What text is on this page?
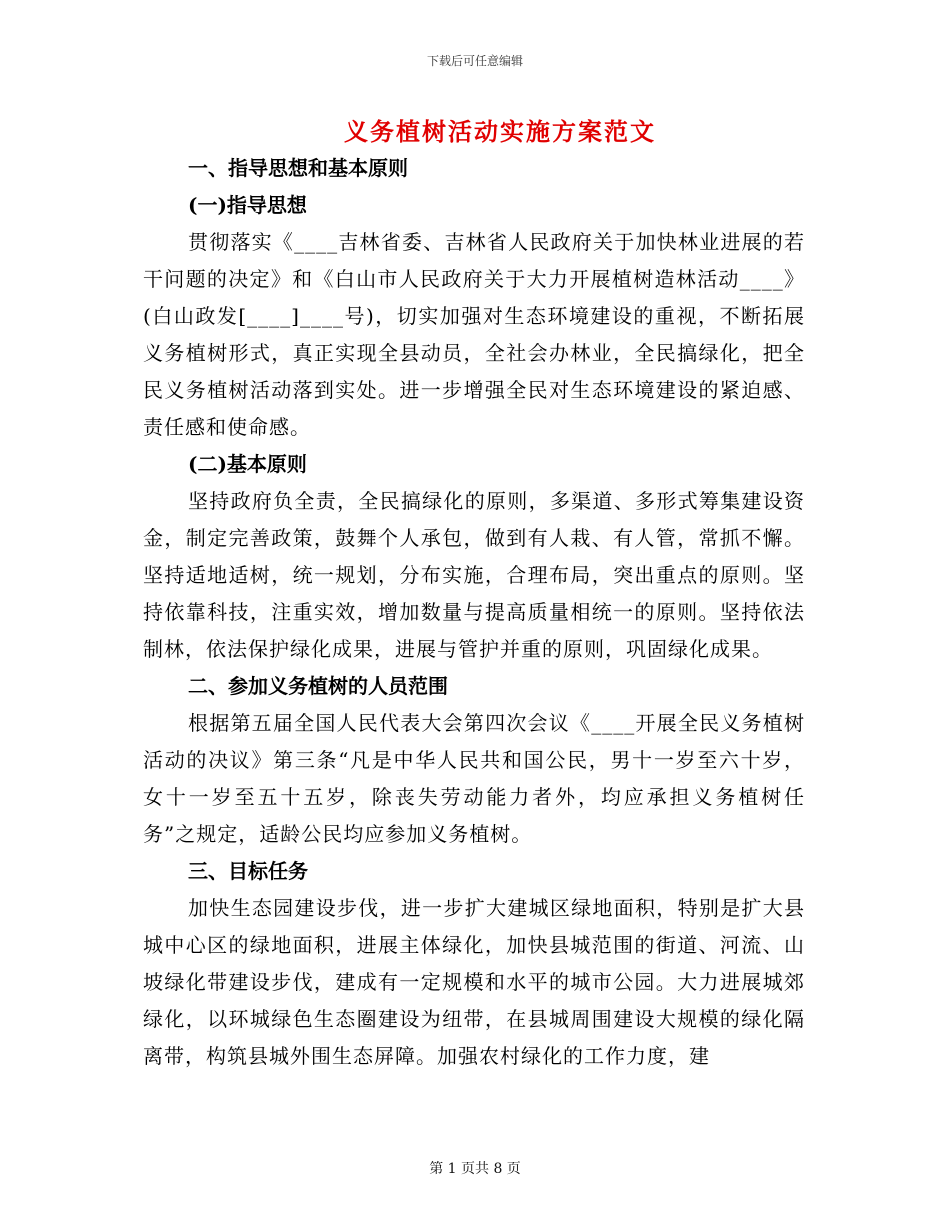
下载后可任意编辑
义务植树活动实施方案范文

一、指导思想和基本原则

(一)指导思想

贯彻落实《____吉林省委、吉林省人民政府关于加快林业进展的若干问题的决定》和《白山市人民政府关于大力开展植树造林活动____》(白山政发[____]____号)，切实加强对生态环境建设的重视，不断拓展义务植树形式，真正实现全县动员，全社会办林业，全民搞绿化，把全民义务植树活动落到实处。进一步增强全民对生态环境建设的紧迫感、责任感和使命感。

(二)基本原则

坚持政府负全责，全民搞绿化的原则，多渠道、多形式筹集建设资金，制定完善政策，鼓舞个人承包，做到有人栽、有人管，常抓不懈。坚持适地适树，统一规划，分布实施，合理布局，突出重点的原则。坚持依靠科技，注重实效，增加数量与提高质量相统一的原则。坚持依法制林，依法保护绿化成果，进展与管护并重的原则，巩固绿化成果。

二、参加义务植树的人员范围

根据第五届全国人民代表大会第四次会议《____开展全民义务植树活动的决议》第三条“凡是中华人民共和国公民，男十一岁至六十岁，女十一岁至五十五岁，除丧失劳动能力者外，均应承担义务植树任务”之规定，适龄公民均应参加义务植树。

三、目标任务

加快生态园建设步伐，进一步扩大建城区绿地面积，特别是扩大县城中心区的绿地面积，进展主体绿化，加快县城范围的街道、河流、山坡绿化带建设步伐，建成有一定规模和水平的城市公园。大力进展城郊绿化，以环城绿色生态圈建设为纽带，在县城周围建设大规模的绿化隔离带，构筑县城外围生态屏障。加强农村绿化的工作力度，建

第 1 页共 8 页
